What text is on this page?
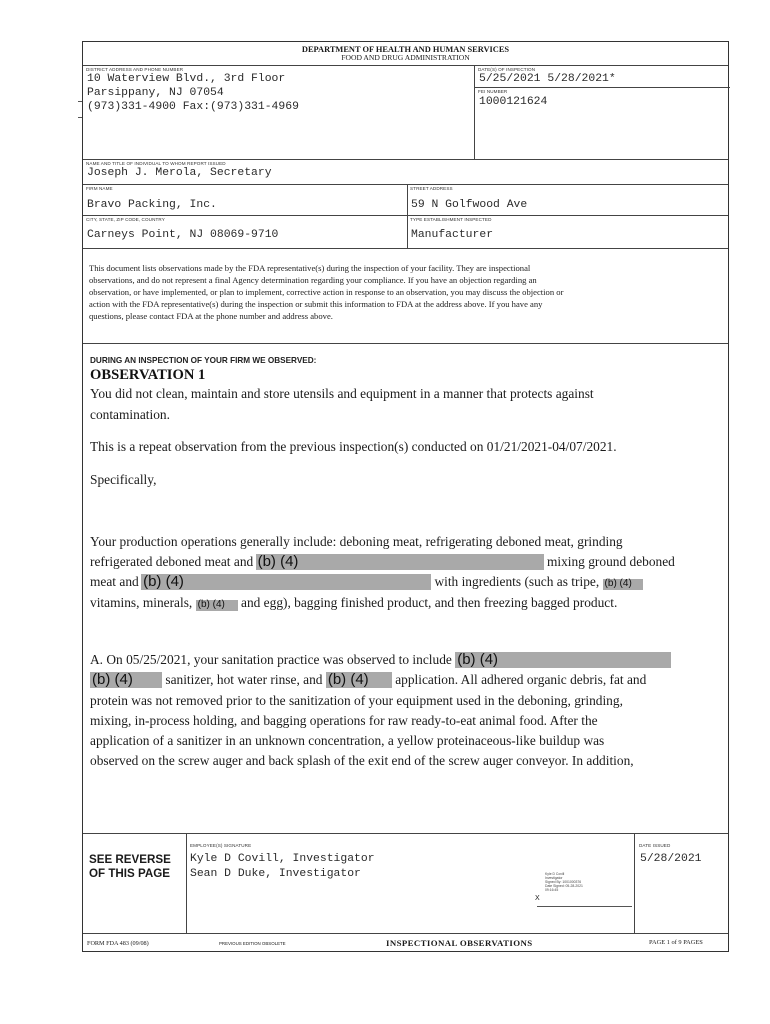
DEPARTMENT OF HEALTH AND HUMAN SERVICES
FOOD AND DRUG ADMINISTRATION
DISTRICT ADDRESS AND PHONE NUMBER
10 Waterview Blvd., 3rd Floor
Parsippany, NJ 07054
(973)331-4900 Fax:(973)331-4969
DATE(S) OF INSPECTION
5/25/2021 5/28/2021*
FEI NUMBER
1000121624
NAME AND TITLE OF INDIVIDUAL TO WHOM REPORT ISSUED
Joseph J. Merola, Secretary
FIRM NAME
Bravo Packing, Inc.
STREET ADDRESS
59 N Golfwood Ave
CITY, STATE, ZIP CODE, COUNTRY
Carneys Point, NJ 08069-9710
TYPE ESTABLISHMENT INSPECTED
Manufacturer
This document lists observations made by the FDA representative(s) during the inspection of your facility. They are inspectional
observations, and do not represent a final Agency determination regarding your compliance. If you have an objection regarding an
observation, or have implemented, or plan to implement, corrective action in response to an observation, you may discuss the objection or
action with the FDA representative(s) during the inspection or submit this information to FDA at the address above. If you have any
questions, please contact FDA at the phone number and address above.
DURING AN INSPECTION OF YOUR FIRM WE OBSERVED:
OBSERVATION 1
You did not clean, maintain and store utensils and equipment in a manner that protects against
contamination.
This is a repeat observation from the previous inspection(s) conducted on 01/21/2021-04/07/2021.
Specifically,
Your production operations generally include: deboning meat, refrigerating deboned meat, grinding
refrigerated deboned meat and (b) (4)	mixing ground deboned
meat and (b) (4)	with ingredients (such as tripe, (b) (4)
vitamins, minerals, (b) (4) and egg), bagging finished product, and then freezing bagged product.
A. On 05/25/2021, your sanitation practice was observed to include (b) (4)
(b) (4) sanitizer, hot water rinse, and (b) (4) application. All adhered organic debris, fat and
protein was not removed prior to the sanitization of your equipment used in the deboning, grinding,
mixing, in-process holding, and bagging operations for raw ready-to-eat animal food. After the
application of a sanitizer in an unknown concentration, a yellow proteinaceous-like buildup was
observed on the screw auger and back splash of the exit end of the screw auger conveyor. In addition,
SEE REVERSE
OF THIS PAGE
EMPLOYEE(S) SIGNATURE
Kyle D Covill, Investigator
Sean D Duke, Investigator
X
Kyle D Covill
Investigator
Signed By: 1001000376
Date Signed: 05-28-2021
09:16:45
DATE ISSUED
5/28/2021
FORM FDA 483 (09/08)	PREVIOUS EDITION OBSOLETE	INSPECTIONAL OBSERVATIONS	PAGE 1 of 9 PAGES
